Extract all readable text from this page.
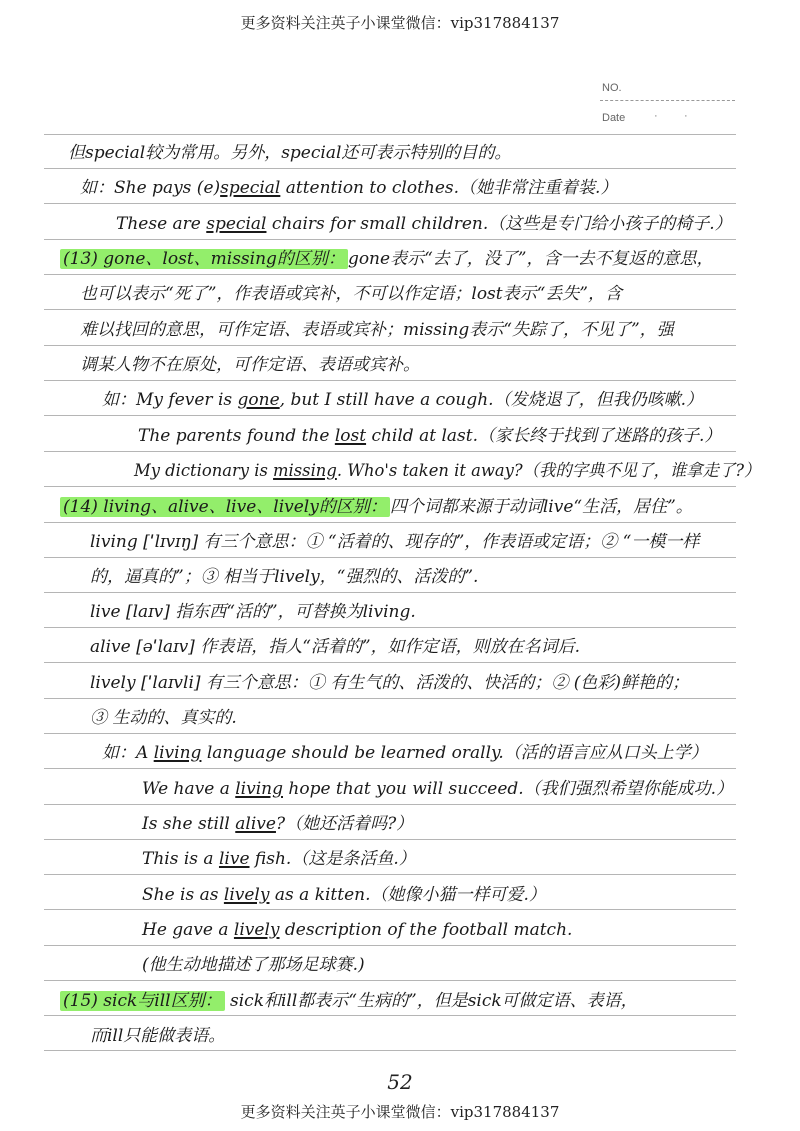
更多资料关注英子小课堂微信：vip317884137
NO.
Date	· ·
但special较为常用。另外，special还可表示特别的目的。
如：She pays (e)special attention to clothes.（她非常注重着装.）
These are special chairs for small children.（这些是专门给小孩子的椅子.）
(13) gone、lost、missing的区别： gone表示“去了，没了”，含一去不复返的意思，
也可以表示“死了”，作表语或宾补，不可以作定语；lost表示“丢失”，含
难以找回的意思，可作定语、表语或宾补；missing表示“失踪了，不见了”，强
调某人物不在原处，可作定语、表语或宾补。
如：My fever is gone, but I still have a cough.（发烧退了，但我仍咳嗽.）
The parents found the lost child at last.（家长终于找到了迷路的孩子.）
My dictionary is missing. Who's taken it away?（我的字典不见了，谁拿走了?）
(14) living、alive、live、lively的区别： 四个词都来源于动词live“生活，居住”。
living [ˈlɪvɪŋ] 有三个意思：① “活着的、现存的”，作表语或定语；② “一模一样
的，逼真的”；③ 相当于lively，“强烈的、活泼的”.
live [laɪv] 指东西“活的”，可替换为living.
alive [əˈlaɪv] 作表语，指人“活着的”，如作定语，则放在名词后.
lively [ˈlaɪvli] 有三个意思：① 有生气的、活泼的、快活的；② (色彩)鲜艳的；
③ 生动的、真实的.
如：A living language should be learned orally.（活的语言应从口头上学）
We have a living hope that you will succeed.（我们强烈希望你能成功.）
Is she still alive?（她还活着吗?）
This is a live fish.（这是条活鱼.）
She is as lively as a kitten.（她像小猫一样可爱.）
He gave a lively description of the football match.
(他生动地描述了那场足球赛.)
(15) sick与ill区别： sick和ill都表示“生病的”，但是sick可做定语、表语，
而ill只能做表语。
52
更多资料关注英子小课堂微信：vip317884137
